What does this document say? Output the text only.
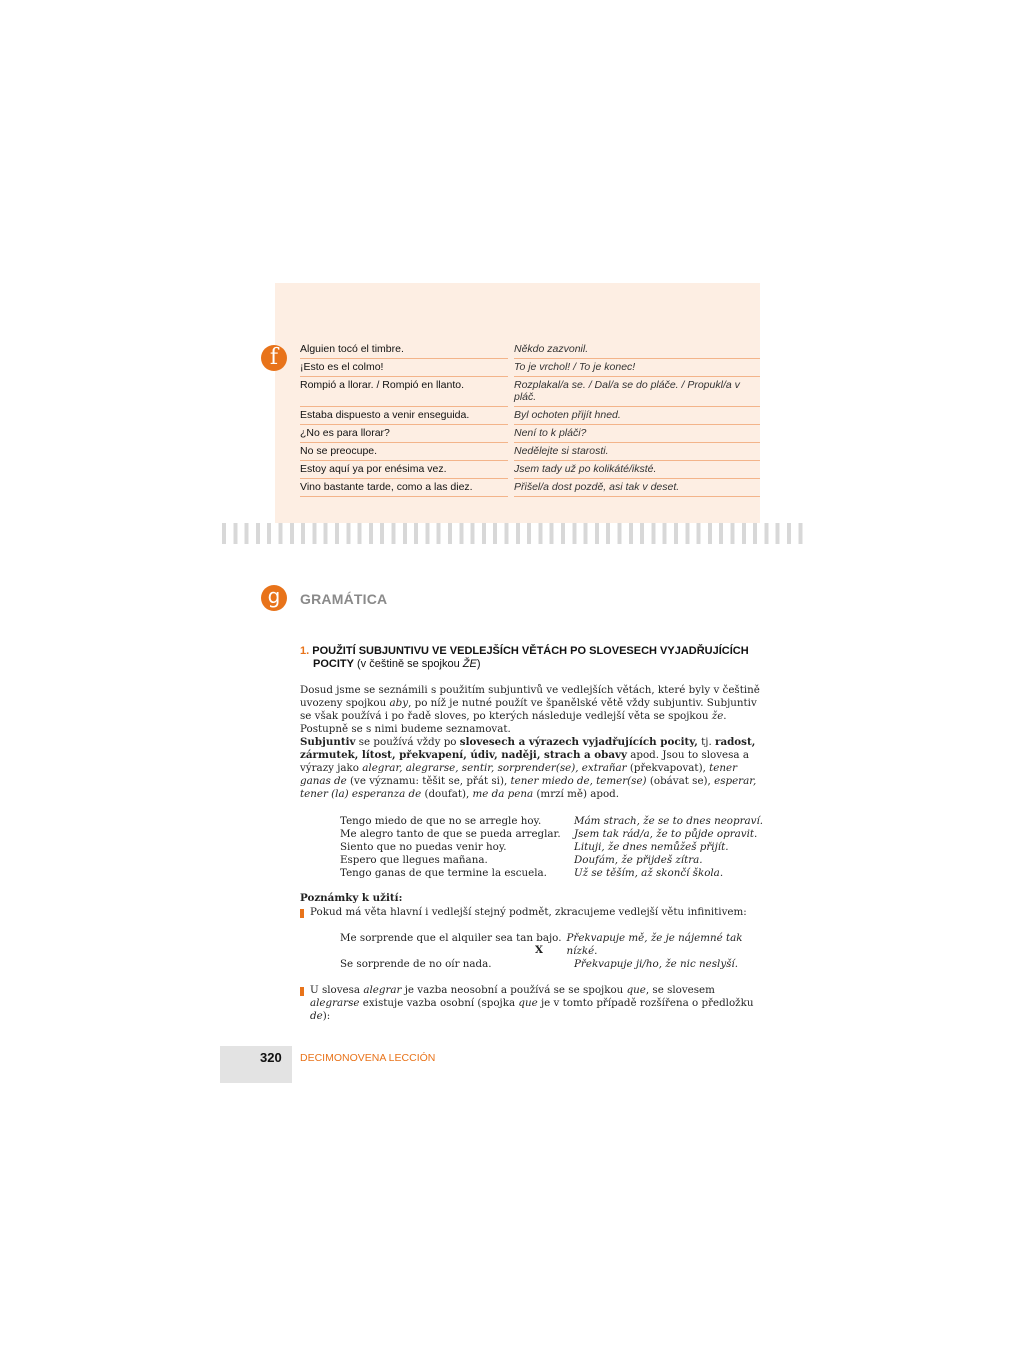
f	Alguien tocó el timbre.	Někdo zazvonil.
¡Esto es el colmo!	To je vrchol! / To je konec!
Rompió a llorar. / Rompió en llanto.	Rozplakal/a se. / Dal/a se do pláče. / Propukl/a v pláč.
Estaba dispuesto a venir enseguida.	Byl ochoten přijít hned.
¿No es para llorar?	Není to k pláči?
No se preocupe.	Nedělejte si starosti.
Estoy aquí ya por enésima vez.	Jsem tady už po kolikáté/iksté.
Vino bastante tarde, como a las diez.	Přišel/a dost pozdě, asi tak v deset.
g	GRAMÁTICA
1. POUŽITÍ SUBJUNTIVU VE VEDLEJŠÍCH VĚTÁCH PO SLOVESECH VYJADŘUJÍCÍCH
POCITY (v češtině se spojkou ŽE)

Dosud jsme se seznámili s použitím subjuntivů ve vedlejších větách, které byly v češtině uvozeny spojkou aby, po níž je nutné použít ve španělské větě vždy subjuntiv. Subjuntiv se však používá i po řadě sloves, po kterých následuje vedlejší věta se spojkou že. Postupně se s nimi budeme seznamovat.

Subjuntiv se používá vždy po slovesech a výrazech vyjadřujících pocity, tj. radost, zármutek, lítost, překvapení, údiv, naději, strach a obavy apod. Jsou to slovesa a výrazy jako alegrar, alegrarse, sentir, sorprender(se), extrañar (překvapovat), tener ganas de (ve významu: těšit se, přát si), tener miedo de, temer(se) (obávat se), esperar, tener (la) esperanza de (doufat), me da pena (mrzí mě) apod.

Tengo miedo de que no se arregle hoy.	Mám strach, že se to dnes neopraví.
Me alegro tanto de que se pueda arreglar.	Jsem tak rád/a, že to půjde opravit.
Siento que no puedas venir hoy.	Lituji, že dnes nemůžeš přijít.
Espero que llegues mañana.	Doufám, že přijdeš zítra.
Tengo ganas de que termine la escuela.	Už se těším, až skončí škola.
Poznámky k užití:
Pokud má věta hlavní i vedlejší stejný podmět, zkracujeme vedlejší větu infinitivem:
Me sorprende que el alquiler sea tan bajo. Překvapuje mě, že je nájemné tak nízké.
X
Se sorprende de no oír nada.	Překvapuje ji/ho, že nic neslyší.
U slovesa alegrar je vazba neosobní a používá se se spojkou que, se slovesem alegrarse existuje vazba osobní (spojka que je v tomto případě rozšířena o předložku de):
320 DECIMONOVENA LECCIÓN
